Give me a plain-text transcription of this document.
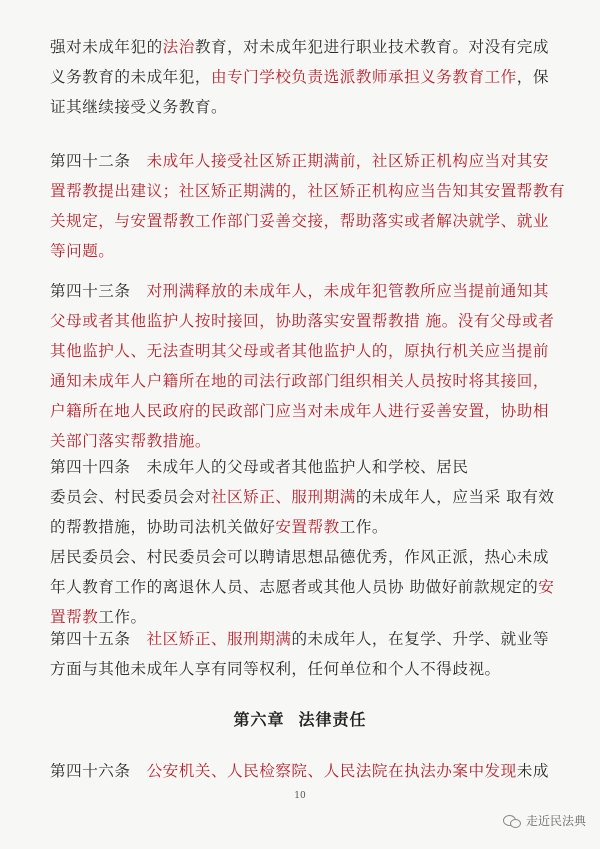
强对未成年犯的法治教育，对未成年犯进行职业技术教育。对没有完成
义务教育的未成年犯，由专门学校负责选派教师承担义务教育工作，保
证其继续接受义务教育。
第四十二条　未成年人接受社区矫正期满前，社区矫正机构应当对其安
置帮教提出建议；社区矫正期满的，社区矫正机构应当告知其安置帮教有
关规定，与安置帮教工作部门妥善交接，帮助落实或者解决就学、就业
等问题。
第四十三条　对刑满释放的未成年人，未成年犯管教所应当提前通知其
父母或者其他监护人按时接回，协助落实安置帮教措 施。没有父母或者
其他监护人、无法查明其父母或者其他监护人的，原执行机关应当提前
通知未成年人户籍所在地的司法行政部门组织相关人员按时将其接回，
户籍所在地人民政府的民政部门应当对未成年人进行妥善安置，协助相
关部门落实帮教措施。
第四十四条　未成年人的父母或者其他监护人和学校、居民
委员会、村民委员会对社区矫正、服刑期满的未成年人，应当采 取有效
的帮教措施，协助司法机关做好安置帮教工作。
居民委员会、村民委员会可以聘请思想品德优秀，作风正派，热心未成
年人教育工作的离退休人员、志愿者或其他人员协 助做好前款规定的安
置帮教工作。
第四十五条　社区矫正、服刑期满的未成年人，在复学、升学、就业等
方面与其他未成年人享有同等权利，任何单位和个人不得歧视。
第四十六条　公安机关、人民检察院、人民法院在执法办案中发现未成
第六章 法律责任
10
走近民法典
